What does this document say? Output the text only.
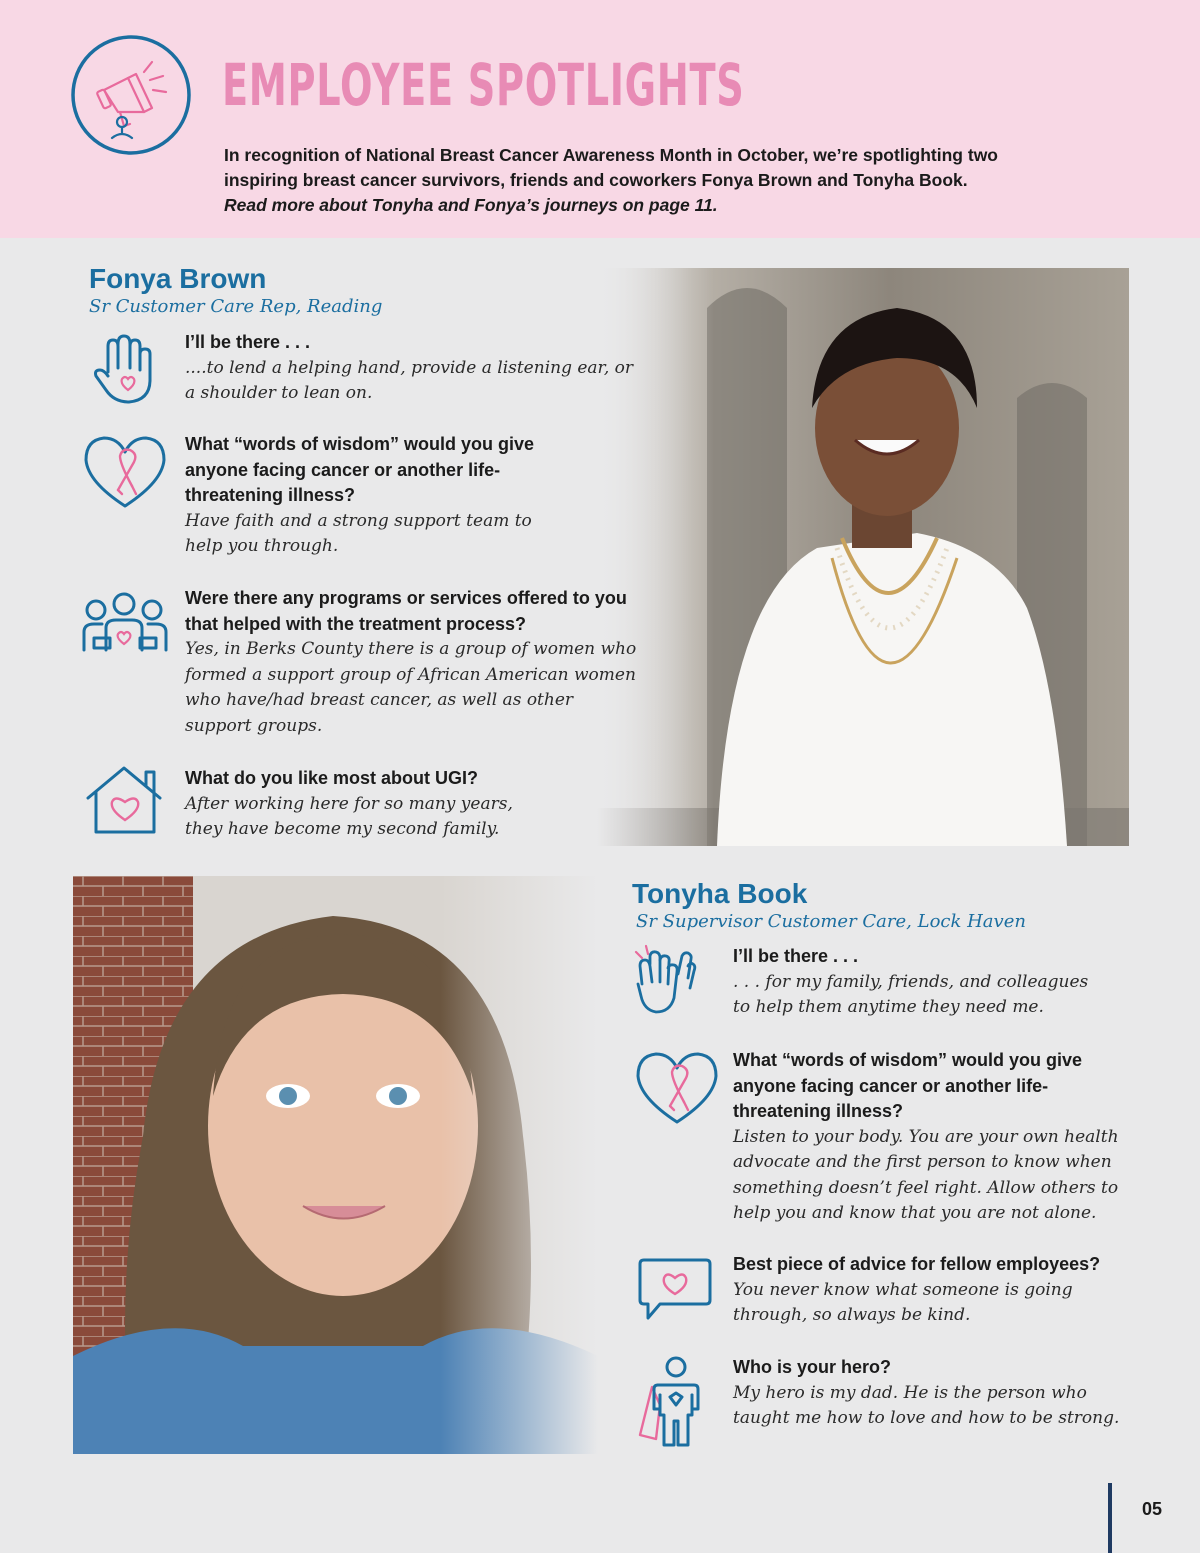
EMPLOYEE SPOTLIGHTS
In recognition of National Breast Cancer Awareness Month in October, we’re spotlighting two
inspiring breast cancer survivors, friends and coworkers Fonya Brown and Tonyha Book.
Read more about Tonyha and Fonya’s journeys on page 11.
Fonya Brown
Sr Customer Care Rep, Reading
I’ll be there . . .
....to lend a helping hand, provide a listening ear, or a shoulder to lean on.
What “words of wisdom” would you give anyone facing cancer or another life-threatening illness?
Have faith and a strong support team to help you through.
Were there any programs or services offered to you that helped with the treatment process?
Yes, in Berks County there is a group of women who formed a support group of African American women who have/had breast cancer, as well as other support groups.
What do you like most about UGI?
After working here for so many years, they have become my second family.
Tonyha Book
Sr Supervisor Customer Care, Lock Haven
I’ll be there . . .
. . . for my family, friends, and colleagues to help them anytime they need me.
What “words of wisdom” would you give anyone facing cancer or another life-threatening illness?
Listen to your body. You are your own health advocate and the first person to know when something doesn’t feel right. Allow others to help you and know that you are not alone.
Best piece of advice for fellow employees?
You never know what someone is going through, so always be kind.
Who is your hero?
My hero is my dad. He is the person who taught me how to love and how to be strong.
05
